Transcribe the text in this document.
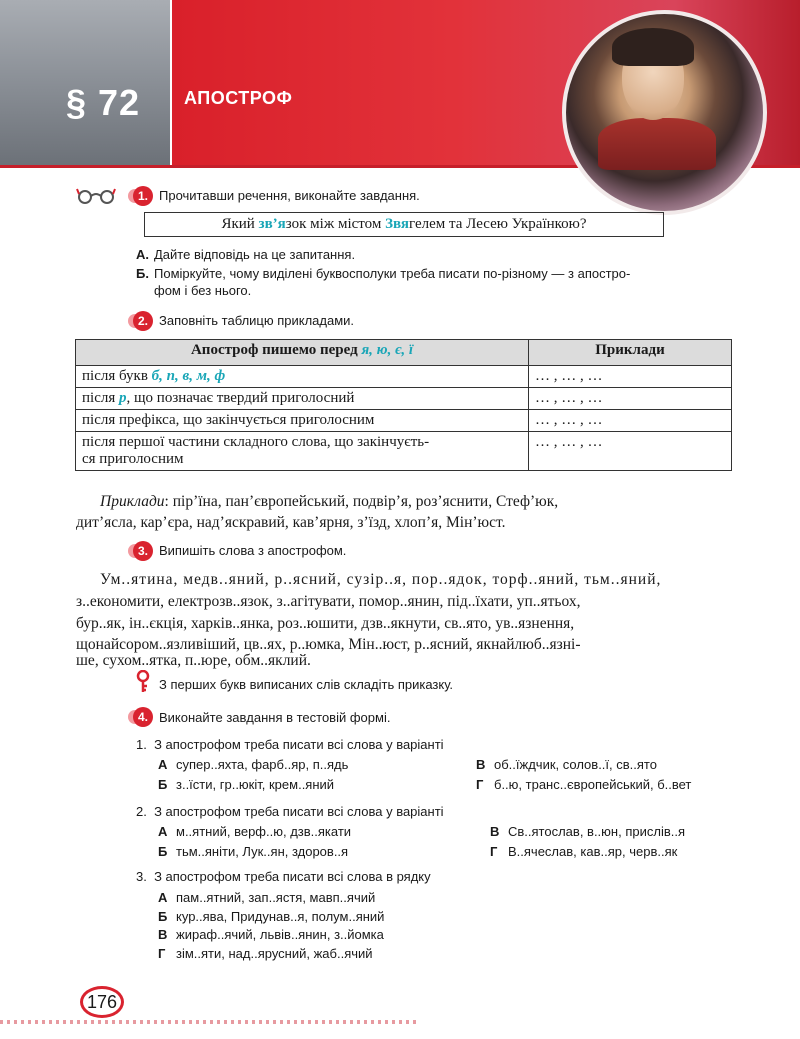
§ 72 АПОСТРОФ
1. Прочитавши речення, виконайте завдання.
Який зв’язок між містом Звягелем та Лесею Українкою?
А. Дайте відповідь на це запитання.
Б. Поміркуйте, чому виділені буквосполуки треба писати по-різному — з апостро-
фом і без нього.
2. Заповніть таблицю прикладами.
Апостроф пишемо перед я, ю, є, ї	Приклади
після букв б, п, в, м, ф	… , … , …
після р, що позначає твердий приголосний	… , … , …
після префікса, що закінчується приголосним	… , … , …
після першої частини складного слова, що закінчуєть-
ся приголосним	… , … , …
Приклади: пір’їна, пан’європейський, подвір’я, роз’яснити, Стеф’юк,
дит’ясла, кар’єра, над’яскравий, кав’ярня, з’їзд, хлоп’я, Мін’юст.
3. Випишіть слова з апострофом.
Ум..ятина, медв..яний, р..ясний, сузір..я, пор..ядок, торф..яний, тьм..яний,
з..економити, електрозв..язок, з..агітувати, помор..янин, під..їхати, уп..ятьох,
бур..як, ін..єкція, харків..янка, роз..юшити, дзв..якнути, св..ято, ув..язнення,
щонайсором..язливіший, цв..ях, р..юмка, Мін..юст, р..ясний, якнайлюб..язні-
ше, сухом..ятка, п..юре, обм..яклий.
З перших букв виписаних слів складіть приказку.
4. Виконайте завдання в тестовій формі.
1. З апострофом треба писати всі слова у варіанті
А супер..яхта, фарб..яр, п..ядь
Б з..їсти, гр..юкіт, крем..яний
В об..їждчик, солов..ї, св..ято
Г б..ю, транс..європейський, б..вет
2. З апострофом треба писати всі слова у варіанті
А м..ятний, верф..ю, дзв..якати
Б тьм..яніти, Лук..ян, здоров..я
В Св..ятослав, в..юн, прислів..я
Г В..ячеслав, кав..яр, черв..як
3. З апострофом треба писати всі слова в рядку
А пам..ятний, зап..ястя, мавп..ячий
Б кур..ява, Придунав..я, полум..яний
В жираф..ячий, львів..янин, з..йомка
Г зім..яти, над..ярусний, жаб..ячий
176
